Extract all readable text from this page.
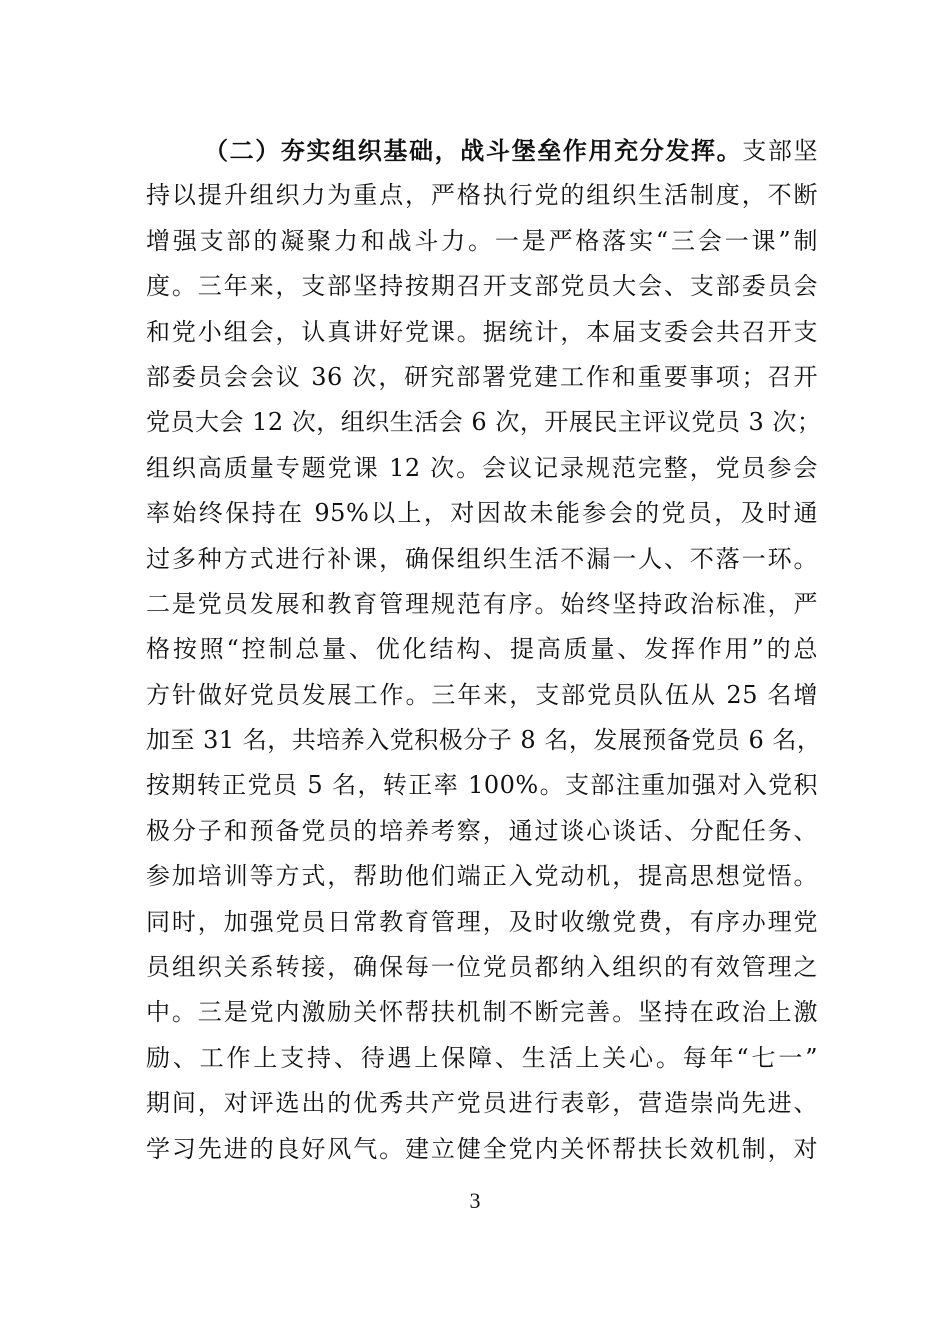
（二）夯实组织基础，战斗堡垒作用充分发挥。支部坚
持以提升组织力为重点，严格执行党的组织生活制度，不断
增强支部的凝聚力和战斗力。一是严格落实“三会一课”制
度。三年来，支部坚持按期召开支部党员大会、支部委员会
和党小组会，认真讲好党课。据统计，本届支委会共召开支
部委员会会议 36 次，研究部署党建工作和重要事项；召开
党员大会 12 次，组织生活会 6 次，开展民主评议党员 3 次；
组织高质量专题党课 12 次。会议记录规范完整，党员参会
率始终保持在 95%以上，对因故未能参会的党员，及时通
过多种方式进行补课，确保组织生活不漏一人、不落一环。
二是党员发展和教育管理规范有序。始终坚持政治标准，严
格按照“控制总量、优化结构、提高质量、发挥作用”的总
方针做好党员发展工作。三年来，支部党员队伍从 25 名增
加至 31 名，共培养入党积极分子 8 名，发展预备党员 6 名，
按期转正党员 5 名，转正率 100%。支部注重加强对入党积
极分子和预备党员的培养考察，通过谈心谈话、分配任务、
参加培训等方式，帮助他们端正入党动机，提高思想觉悟。
同时，加强党员日常教育管理，及时收缴党费，有序办理党
员组织关系转接，确保每一位党员都纳入组织的有效管理之
中。三是党内激励关怀帮扶机制不断完善。坚持在政治上激
励、工作上支持、待遇上保障、生活上关心。每年“七一”
期间，对评选出的优秀共产党员进行表彰，营造崇尚先进、
学习先进的良好风气。建立健全党内关怀帮扶长效机制，对
3
